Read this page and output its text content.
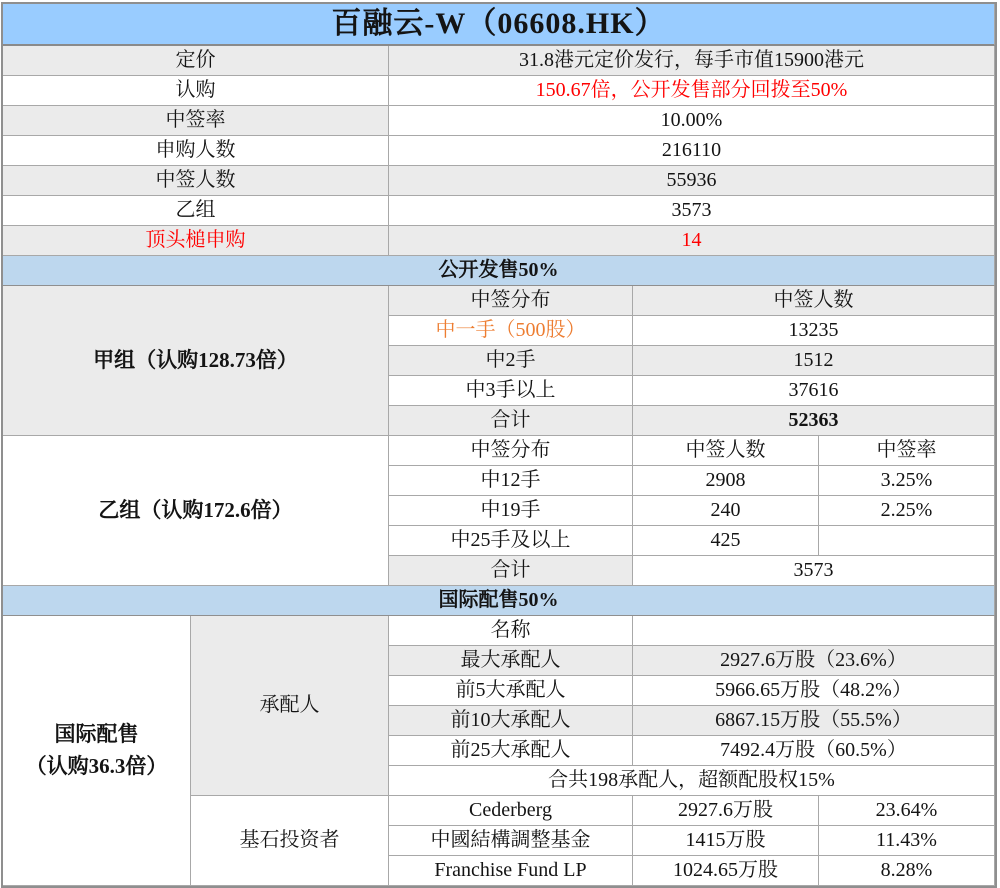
百融云-W（06608.HK）
定价	31.8港元定价发行，每手市值15900港元
认购	150.67倍，公开发售部分回拨至50%
中签率	10.00%
申购人数	216110
中签人数	55936
乙组	3573
顶头槌申购	14
公开发售50%
甲组（认购128.73倍）
中签分布	中签人数
中一手（500股）	13235
中2手	1512
中3手以上	37616
合计	52363
乙组（认购172.6倍）
中签分布	中签人数	中签率
中12手	2908	3.25%
中19手	240	2.25%
中25手及以上	425
合计	3573
国际配售50%
国际配售
（认购36.3倍）
承配人
名称
最大承配人	2927.6万股（23.6%）
前5大承配人	5966.65万股（48.2%）
前10大承配人	6867.15万股（55.5%）
前25大承配人	7492.4万股（60.5%）
合共198承配人，超额配股权15%
基石投资者
Cederberg	2927.6万股	23.64%
中國結構調整基金	1415万股	11.43%
Franchise Fund LP	1024.65万股	8.28%
